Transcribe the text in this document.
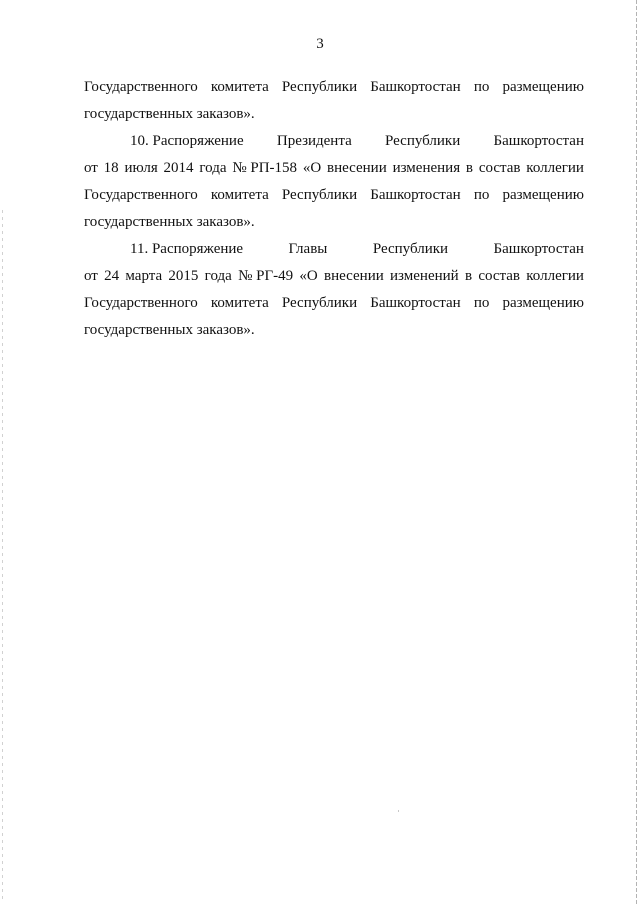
3
Государственного комитета Республики Башкортостан по размещению
государственных заказов».
10. Распоряжение Президента Республики Башкортостан
от 18 июля 2014 года № РП-158 «О внесении изменения в состав коллегии
Государственного комитета Республики Башкортостан по размещению
государственных заказов».
11. Распоряжение	Главы	Республики	Башкортостан
от 24 марта 2015 года № РГ-49 «О внесении изменений в состав коллегии
Государственного комитета Республики Башкортостан по размещению
государственных заказов».
